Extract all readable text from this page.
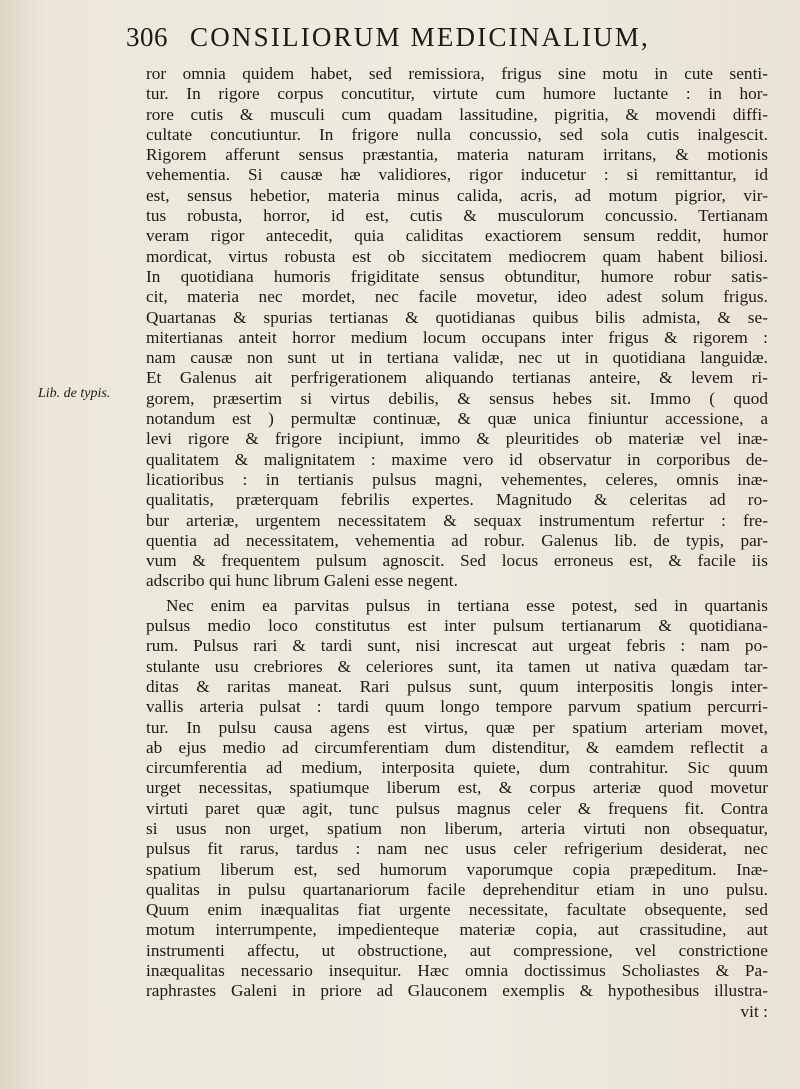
306 CONSILIORUM MEDICINALIUM,
Lib. de typis.
ror omnia quidem habet, sed remissiora, frigus sine motu in cute senti-
tur. In rigore corpus concutitur, virtute cum humore luctante : in hor-
rore cutis & musculi cum quadam lassitudine, pigritia, & movendi diffi-
cultate concutiuntur. In frigore nulla concussio, sed sola cutis inalgescit.
Rigorem afferunt sensus præstantia, materia naturam irritans, & motionis
vehementia. Si causæ hæ validiores, rigor inducetur : si remittantur, id
est, sensus hebetior, materia minus calida, acris, ad motum pigrior, vir-
tus robusta, horror, id est, cutis & musculorum concussio. Tertianam
veram rigor antecedit, quia caliditas exactiorem sensum reddit, humor
mordicat, virtus robusta est ob siccitatem mediocrem quam habent biliosi.
In quotidiana humoris frigiditate sensus obtunditur, humore robur satis-
cit, materia nec mordet, nec facile movetur, ideo adest solum frigus.
Quartanas & spurias tertianas & quotidianas quibus bilis admista, & se-
mitertianas anteit horror medium locum occupans inter frigus & rigorem :
nam causæ non sunt ut in tertiana validæ, nec ut in quotidiana languidæ.
Et Galenus ait perfrigerationem aliquando tertianas anteire, & levem ri-
gorem, præsertim si virtus debilis, & sensus hebes sit. Immo ( quod
notandum est ) permultæ continuæ, & quæ unica finiuntur accessione, a
levi rigore & frigore incipiunt, immo & pleuritides ob materiæ vel inæ-
qualitatem & malignitatem : maxime vero id observatur in corporibus de-
licatioribus : in tertianis pulsus magni, vehementes, celeres, omnis inæ-
qualitatis, præterquam febrilis expertes. Magnitudo & celeritas ad ro-
bur arteriæ, urgentem necessitatem & sequax instrumentum refertur : fre-
quentia ad necessitatem, vehementia ad robur. Galenus lib. de typis, par-
vum & frequentem pulsum agnoscit. Sed locus erroneus est, & facile iis
adscribo qui hunc librum Galeni esse negent.
Nec enim ea parvitas pulsus in tertiana esse potest, sed in quartanis
pulsus medio loco constitutus est inter pulsum tertianarum & quotidiana-
rum. Pulsus rari & tardi sunt, nisi increscat aut urgeat febris : nam po-
stulante usu crebriores & celeriores sunt, ita tamen ut nativa quædam tar-
ditas & raritas maneat. Rari pulsus sunt, quum interpositis longis inter-
vallis arteria pulsat : tardi quum longo tempore parvum spatium percurri-
tur. In pulsu causa agens est virtus, quæ per spatium arteriam movet,
ab ejus medio ad circumferentiam dum distenditur, & eamdem reflectit a
circumferentia ad medium, interposita quiete, dum contrahitur. Sic quum
urget necessitas, spatiumque liberum est, & corpus arteriæ quod movetur
virtuti paret quæ agit, tunc pulsus magnus celer & frequens fit. Contra
si usus non urget, spatium non liberum, arteria virtuti non obsequatur,
pulsus fit rarus, tardus : nam nec usus celer refrigerium desiderat, nec
spatium liberum est, sed humorum vaporumque copia præpeditum. Inæ-
qualitas in pulsu quartanariorum facile deprehenditur etiam in uno pulsu.
Quum enim inæqualitas fiat urgente necessitate, facultate obsequente, sed
motum interrumpente, impedienteque materiæ copia, aut crassitudine, aut
instrumenti affectu, ut obstructione, aut compressione, vel constrictione
inæqualitas necessario insequitur. Hæc omnia doctissimus Scholiastes & Pa-
raphrastes Galeni in priore ad Glauconem exemplis & hypothesibus illustra-
vit :
